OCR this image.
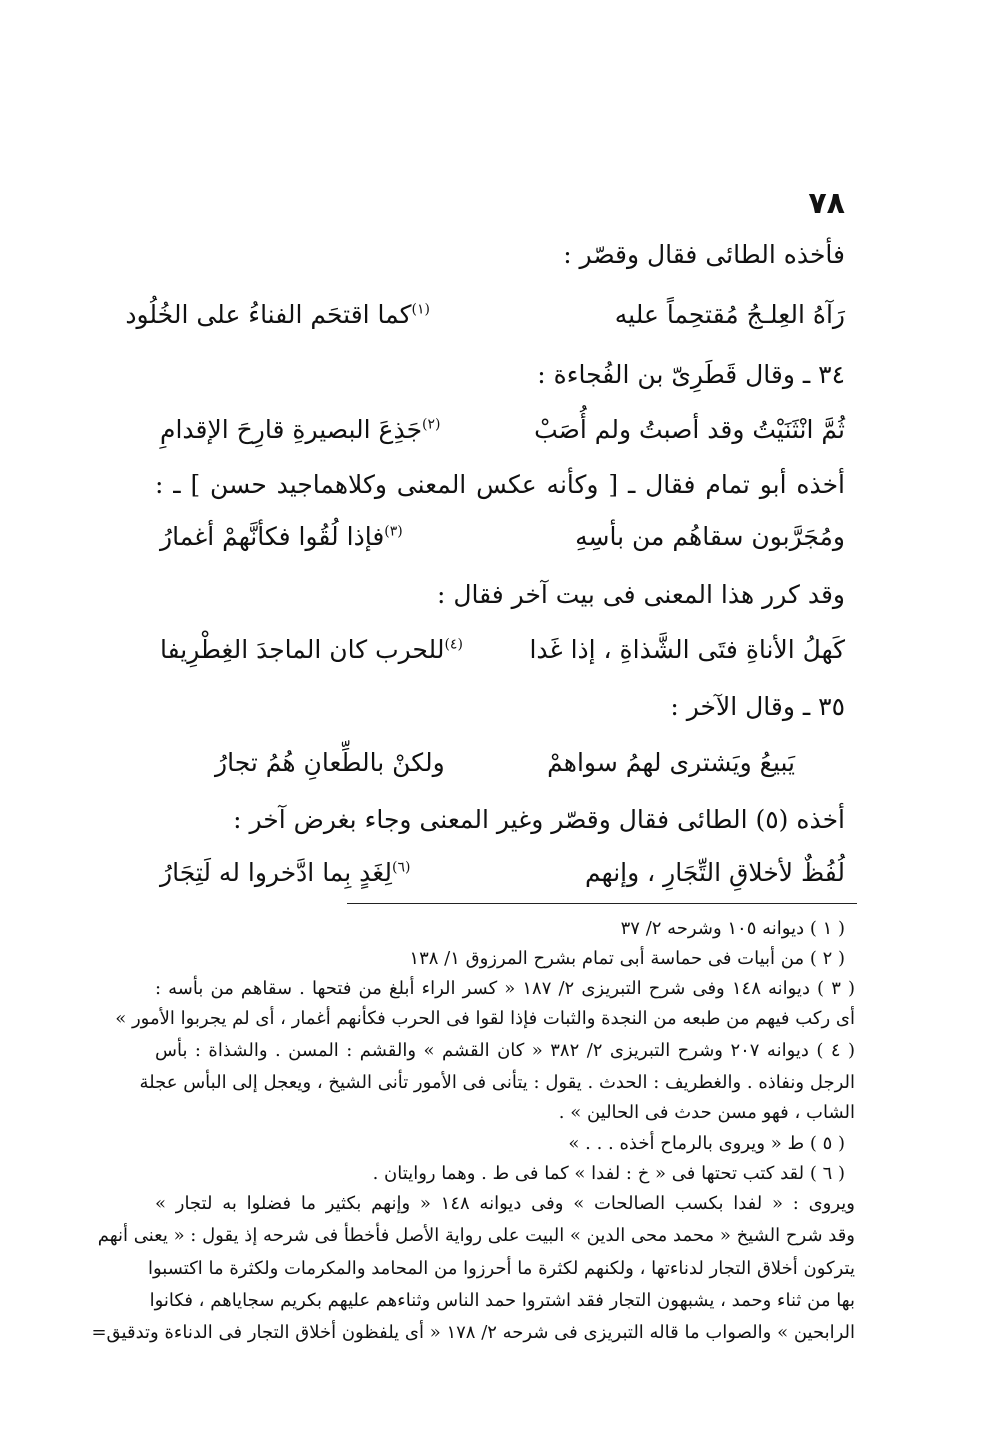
٧٨
فأخذه الطائى فقال وقصّر :
رَآهُ العِلـجُ مُقتحِماً عليه
$^{(١)}$كما اقتحَم الفناءُ على الخُلُود
٣٤ ـ وقال قَطَرِىّ بن الفُجاءة :
ثُمَّ انْثَنَيْتُ وقد أصبتُ ولم أُصَبْ
$^{(٢)}$جَذِعَ البصيرةِ قارِحَ الإقدامِ
أخذه أبو تمام فقال ـ [ وكأنه عكس المعنى وكلاهماجيد حسن ] ـ :
ومُجَرَّبون سقاهُم من بأسِهِ
$^{(٣)}$فإذا لُقُوا فكأنَّهمْ أغمارُ
وقد كرر هذا المعنى فى بيت آخر فقال :
كَهلُ الأناةِ فتَى الشَّذاةِ ، إذا غَدا
$^{(٤)}$للحرب كان الماجدَ الغِطْرِيفا
٣٥ ـ وقال الآخر :
يَبيعُ ويَشترى لهمُ سواهمْ
ولكنْ بالطِّعانِ هُمُ تجارُ
أخذه (٥) الطائى فقال وقصّر وغير المعنى وجاء بغرض آخر :
لُفُظٌ لأخلاقِ التِّجَارِ ، وإنهم
$^{(٦)}$لِغَدٍ بِما ادَّخروا له لَتِجَارُ
( ١ ) ديوانه ١٠٥ وشرحه ٢/ ٣٧
( ٢ ) من أبيات فى حماسة أبى تمام بشرح المرزوق ١/ ١٣٨
( ٣ ) ديوانه ١٤٨ وفى شرح التبريزى ٢/ ١٨٧ « كسر الراء أبلغ من فتحها . سقاهم من بأسه :
أى ركب فيهم من طبعه من النجدة والثبات فإذا لقوا فى الحرب فكأنهم أغمار ، أى لم يجربوا الأمور »
( ٤ ) ديوانه ٢٠٧ وشرح التبريزى ٢/ ٣٨٢ « كان القشم » والقشم : المسن . والشذاة : بأس
الرجل ونفاذه . والغطريف : الحدث . يقول : يتأنى فى الأمور تأنى الشيخ ، ويعجل إلى البأس عجلة
الشاب ، فهو مسن حدث فى الحالين » .
( ٥ ) ط « ويروى بالرماح أخذه . . . »
( ٦ ) لقد كتب تحتها فى « خ : لفدا » كما فى ط . وهما روايتان .
ويروى : « لفدا بكسب الصالحات » وفى ديوانه ١٤٨ « وإنهم بكثير ما فضلوا به لتجار »
وقد شرح الشيخ « محمد محى الدين » البيت على رواية الأصل فأخطأ فى شرحه إذ يقول : « يعنى أنهم
يتركون أخلاق التجار لدناءتها ، ولكنهم لكثرة ما أحرزوا من المحامد والمكرمات ولكثرة ما اكتسبوا
بها من ثناء وحمد ، يشبهون التجار فقد اشتروا حمد الناس وثناءهم عليهم بكريم سجاياهم ، فكانوا
الرابحين » والصواب ما قاله التبريزى فى شرحه ٢/ ١٧٨ « أى يلفظون أخلاق التجار فى الدناءة وتدقيق=
